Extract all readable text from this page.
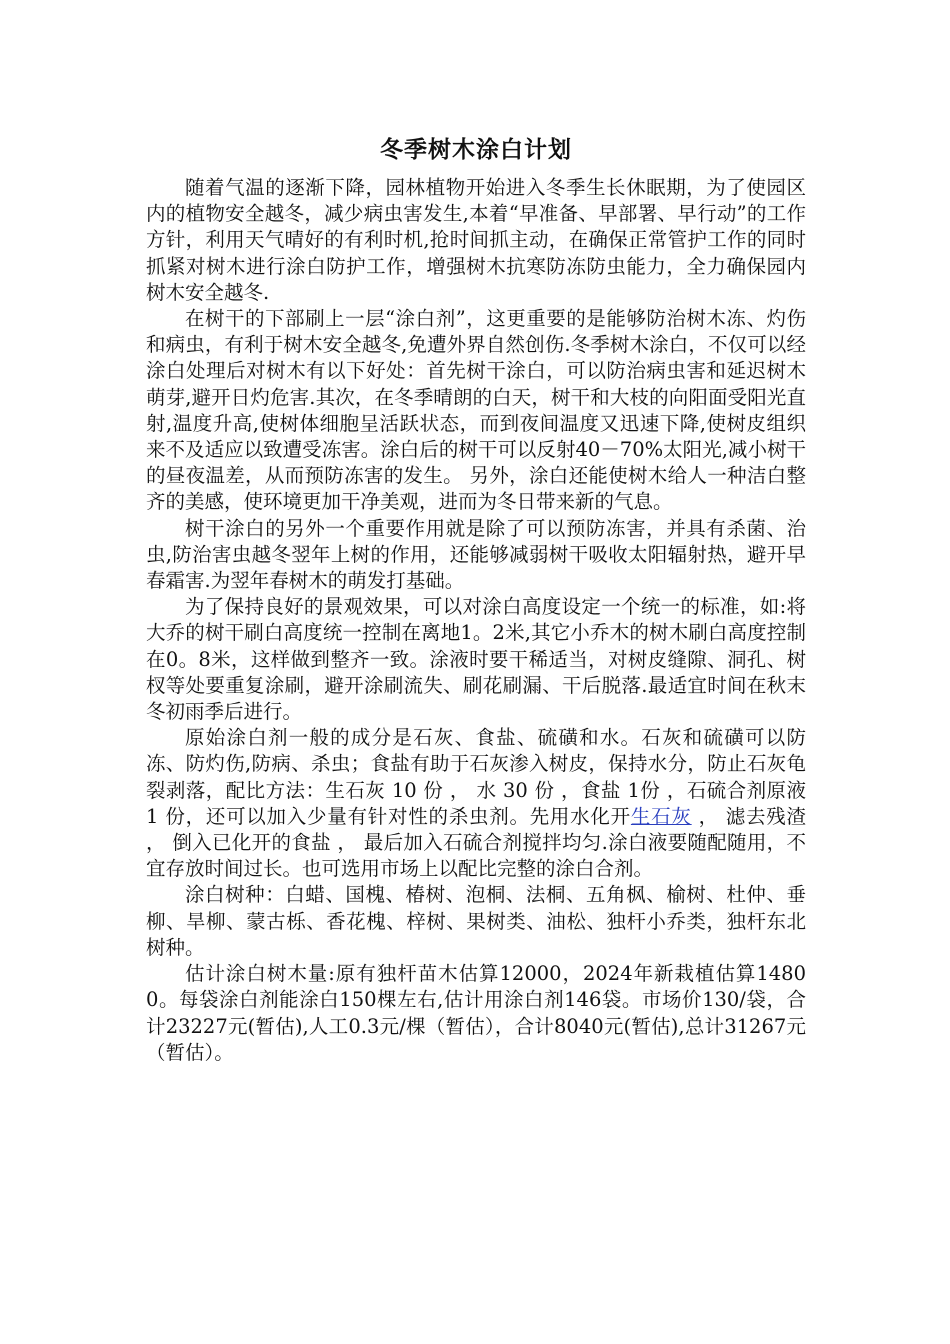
冬季树木涂白计划

随着气温的逐渐下降，园林植物开始进入冬季生长休眠期，为了使园区内的植物安全越冬，减少病虫害发生,本着“早准备、早部署、早行动”的工作方针，利用天气晴好的有利时机,抢时间抓主动，在确保正常管护工作的同时抓紧对树木进行涂白防护工作，增强树木抗寒防冻防虫能力，全力确保园内树木安全越冬.

在树干的下部刷上一层“涂白剂”，这更重要的是能够防治树木冻、灼伤和病虫，有利于树木安全越冬,免遭外界自然创伤.冬季树木涂白，不仅可以经涂白处理后对树木有以下好处：首先树干涂白，可以防治病虫害和延迟树木萌芽,避开日灼危害.其次，在冬季晴朗的白天，树干和大枝的向阳面受阳光直射,温度升高,使树体细胞呈活跃状态，而到夜间温度又迅速下降,使树皮组织来不及适应以致遭受冻害。涂白后的树干可以反射40－70%太阳光,减小树干的昼夜温差，从而预防冻害的发生。 另外，涂白还能使树木给人一种洁白整齐的美感，使环境更加干净美观，进而为冬日带来新的气息。

树干涂白的另外一个重要作用就是除了可以预防冻害，并具有杀菌、治虫,防治害虫越冬翌年上树的作用，还能够减弱树干吸收太阳辐射热，避开早春霜害.为翌年春树木的萌发打基础。

为了保持良好的景观效果，可以对涂白高度设定一个统一的标准，如:将大乔的树干刷白高度统一控制在离地1。2米,其它小乔木的树木刷白高度控制在0。8米，这样做到整齐一致。涂液时要干稀适当，对树皮缝隙、洞孔、树杈等处要重复涂刷，避开涂刷流失、刷花刷漏、干后脱落.最适宜时间在秋末冬初雨季后进行。

原始涂白剂一般的成分是石灰、食盐、硫磺和水。石灰和硫磺可以防冻、防灼伤,防病、杀虫；食盐有助于石灰渗入树皮，保持水分，防止石灰龟裂剥落，配比方法：生石灰 10 份 ， 水 30 份 ，食盐 1份 ，石硫合剂原液 1 份，还可以加入少量有针对性的杀虫剂。先用水化开生石灰 ， 滤去残渣 ， 倒入已化开的食盐 ， 最后加入石硫合剂搅拌均匀.涂白液要随配随用，不宜存放时间过长。也可选用市场上以配比完整的涂白合剂。

涂白树种：白蜡、国槐、椿树、泡桐、法桐、五角枫、榆树、杜仲、垂柳、旱柳、蒙古栎、香花槐、梓树、果树类、油松、独杆小乔类，独杆东北树种。

估计涂白树木量:原有独杆苗木估算12000，2024年新栽植估算14800。每袋涂白剂能涂白150棵左右,估计用涂白剂146袋。市场价130/袋，合计23227元(暂估),人工0.3元/棵（暂估），合计8040元(暂估),总计31267元（暂估）。
